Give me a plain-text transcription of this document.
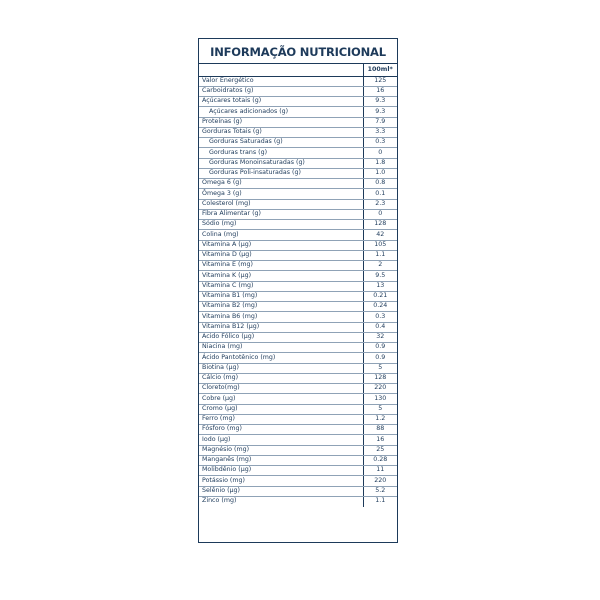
INFORMAÇÃO NUTRICIONAL
	100ml*
Valor Energético	125
Carboidratos (g)	16
Açúcares totais (g)	9.3
Açúcares adicionados (g)	9.3
Proteínas (g)	7.9
Gorduras Totais (g)	3.3
Gorduras Saturadas (g)	0.3
Gorduras trans (g)	0
Gorduras Monoinsaturadas (g)	1.8
Gorduras Poli-insaturadas (g)	1.0
Ômega 6 (g)	0.8
Ômega 3 (g)	0.1
Colesterol (mg)	2.3
Fibra Alimentar (g)	0
Sódio (mg)	128
Colina (mg)	42
Vitamina A (µg)	105
Vitamina D (µg)	1.1
Vitamina E (mg)	2
Vitamina K (µg)	9.5
Vitamina C (mg)	13
Vitamina B1 (mg)	0.21
Vitamina B2 (mg)	0.24
Vitamina B6 (mg)	0.3
Vitamina B12 (µg)	0.4
Ácido Fólico (µg)	32
Niacina (mg)	0.9
Ácido Pantotênico (mg)	0.9
Biotina (µg)	5
Cálcio (mg)	128
Cloreto(mg)	220
Cobre (µg)	130
Cromo (µg)	5
Ferro (mg)	1.2
Fósforo (mg)	88
Iodo (µg)	16
Magnésio (mg)	25
Manganês (mg)	0.28
Molibdênio (µg)	11
Potássio (mg)	220
Selênio (µg)	5.2
Zinco (mg)	1.1
